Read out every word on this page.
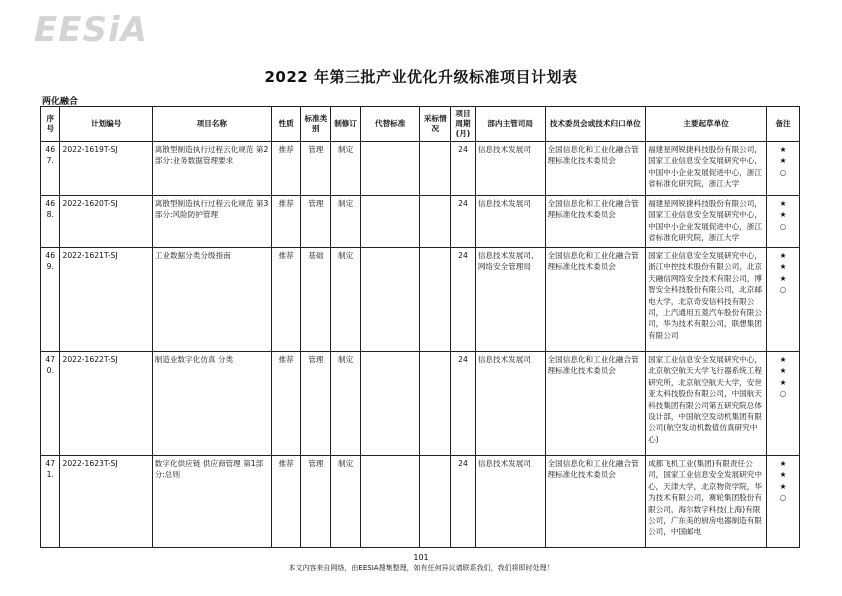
EESiA
2022 年第三批产业优化升级标准项目计划表
两化融合
序号	计划编号	项目名称	性质	标准类别	制修订	代替标准	采标情况	项目周期(月)	部内主管司局	技术委员会或技术归口单位	主要起草单位	备注
467.	2022-1619T-SJ	离散型制造执行过程云化规范 第2部分:业务数据管理要求	推荐	管理	制定			24	信息技术发展司	全国信息化和工业化融合管理标准化技术委员会	福建星网锐捷科技股份有限公司，国家工业信息安全发展研究中心，中国中小企业发展促进中心，浙江省标准化研究院，浙江大学	★
★
○

468.	2022-1620T-SJ	离散型制造执行过程云化规范 第3部分:风险防护管理	推荐	管理	制定			24	信息技术发展司	全国信息化和工业化融合管理标准化技术委员会	福建星网锐捷科技股份有限公司，国家工业信息安全发展研究中心，中国中小企业发展促进中心，浙江省标准化研究院，浙江大学	★
★
○

469.	2022-1621T-SJ	工业数据分类分级指南	推荐	基础	制定			24	信息技术发展司、网络安全管理局	全国信息化和工业化融合管理标准化技术委员会	国家工业信息安全发展研究中心，浙江中控技术股份有限公司，北京天融信网络安全技术有限公司，博智安全科技股份有限公司，北京邮电大学，北京奇安信科技有限公司，上汽通用五菱汽车股份有限公司，华为技术有限公司，联想集团有限公司	★
★
★
○

470.	2022-1622T-SJ	制造业数字化仿真 分类	推荐	管理	制定			24	信息技术发展司	全国信息化和工业化融合管理标准化技术委员会	国家工业信息安全发展研究中心，北京航空航天大学飞行器系统工程研究所，北京航空航天大学，安世亚太科技股份有限公司，中国航天科技集团有限公司第五研究院总体设计部，中国航空发动机集团有限公司(航空发动机数值仿真研究中心)	★
★
★
○

471.	2022-1623T-SJ	数字化供应链 供应商管理 第1部分:总则	推荐	管理	制定			24	信息技术发展司	全国信息化和工业化融合管理标准化技术委员会	成都飞机工业(集团)有限责任公司，国家工业信息安全发展研究中心，天津大学，北京物资学院，华为技术有限公司，赛轮集团股份有限公司，海尔数字科技(上海)有限公司，广东美的厨房电器制造有限公司，中国邮电	★
★
★
○
101
本文内容来自网络，由EESIA搜集整理，如有任何异议请联系我们，我们将即时处理！
